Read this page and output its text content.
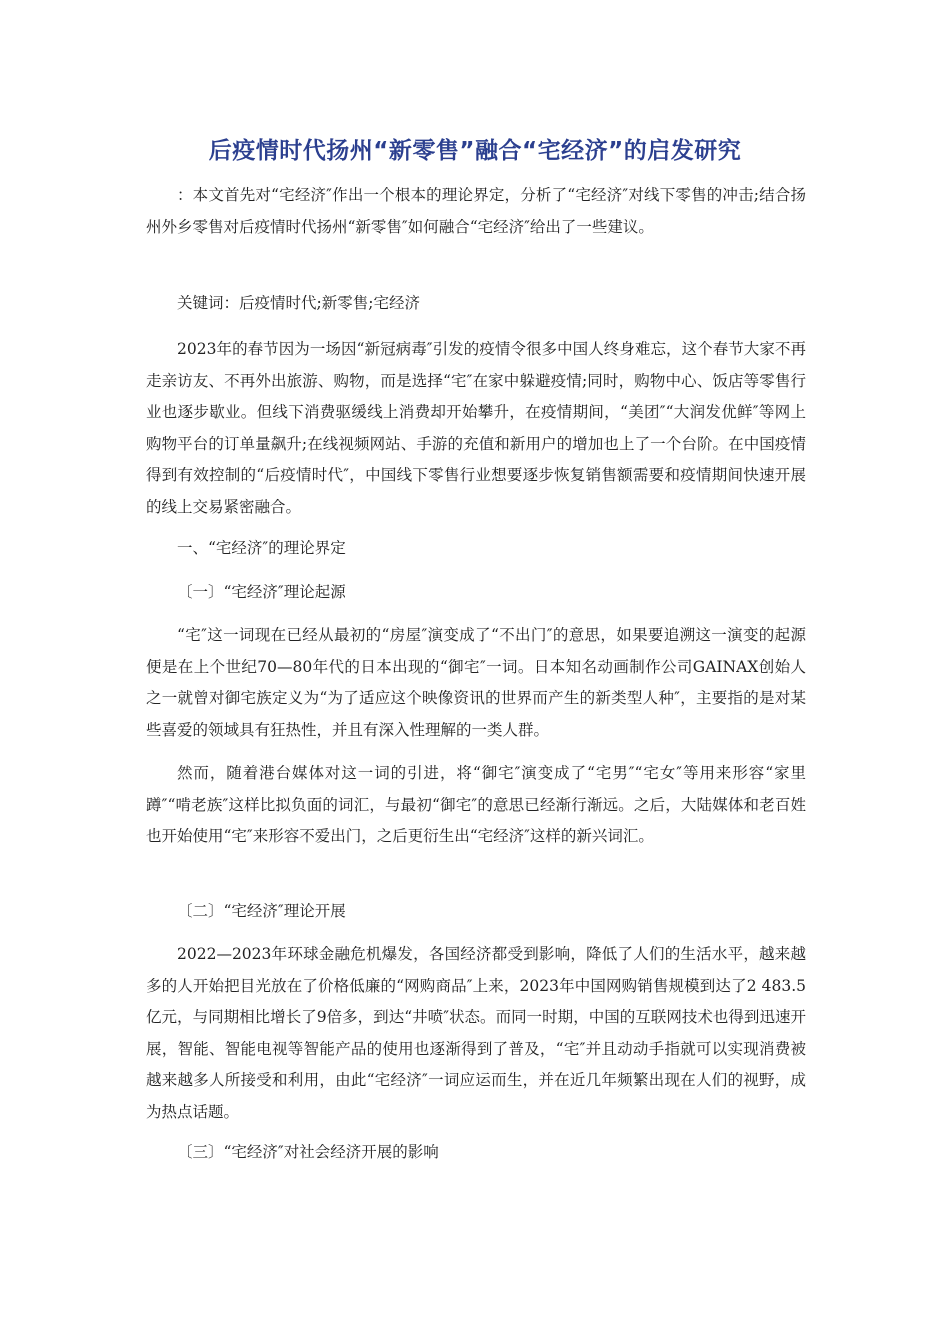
后疫情时代扬州“新零售”融合“宅经济”的启发研究

：本文首先对“宅经济″作出一个根本的理论界定，分析了“宅经济″对线下零售的冲击;结合扬州外乡零售对后疫情时代扬州“新零售″如何融合“宅经济″给出了一些建议。

关键词：后疫情时代;新零售;宅经济

2023年的春节因为一场因“新冠病毒″引发的疫情令很多中国人终身难忘，这个春节大家不再走亲访友、不再外出旅游、购物，而是选择“宅″在家中躲避疫情;同时，购物中心、饭店等零售行业也逐步歇业。但线下消费驱缓线上消费却开始攀升，在疫情期间，“美团″“大润发优鲜″等网上购物平台的订单量飙升;在线视频网站、手游的充值和新用户的增加也上了一个台阶。在中国疫情得到有效控制的“后疫情时代″，中国线下零售行业想要逐步恢复销售额需要和疫情期间快速开展的线上交易紧密融合。

一、“宅经济″的理论界定

〔一〕“宅经济″理论起源

“宅″这一词现在已经从最初的“房屋″演变成了“不出门″的意思，如果要追溯这一演变的起源便是在上个世纪70—80年代的日本出现的“御宅″一词。日本知名动画制作公司GAINAX创始人之一就曾对御宅族定义为“为了适应这个映像资讯的世界而产生的新类型人种″，主要指的是对某些喜爱的领域具有狂热性，并且有深入性理解的一类人群。

然而，随着港台媒体对这一词的引进，将“御宅″演变成了“宅男″“宅女″等用来形容“家里蹲″“啃老族″这样比拟负面的词汇，与最初“御宅″的意思已经渐行渐远。之后，大陆媒体和老百姓也开始使用“宅″来形容不爱出门，之后更衍生出“宅经济″这样的新兴词汇。

〔二〕“宅经济″理论开展

2022—2023年环球金融危机爆发，各国经济都受到影响，降低了人们的生活水平，越来越多的人开始把目光放在了价格低廉的“网购商品″上来，2023年中国网购销售规模到达了2 483.5亿元，与同期相比增长了9倍多，到达“井喷″状态。而同一时期，中国的互联网技术也得到迅速开展，智能、智能电视等智能产品的使用也逐渐得到了普及，“宅″并且动动手指就可以实现消费被越来越多人所接受和利用，由此“宅经济″一词应运而生，并在近几年频繁出现在人们的视野，成为热点话题。

〔三〕“宅经济″对社会经济开展的影响
